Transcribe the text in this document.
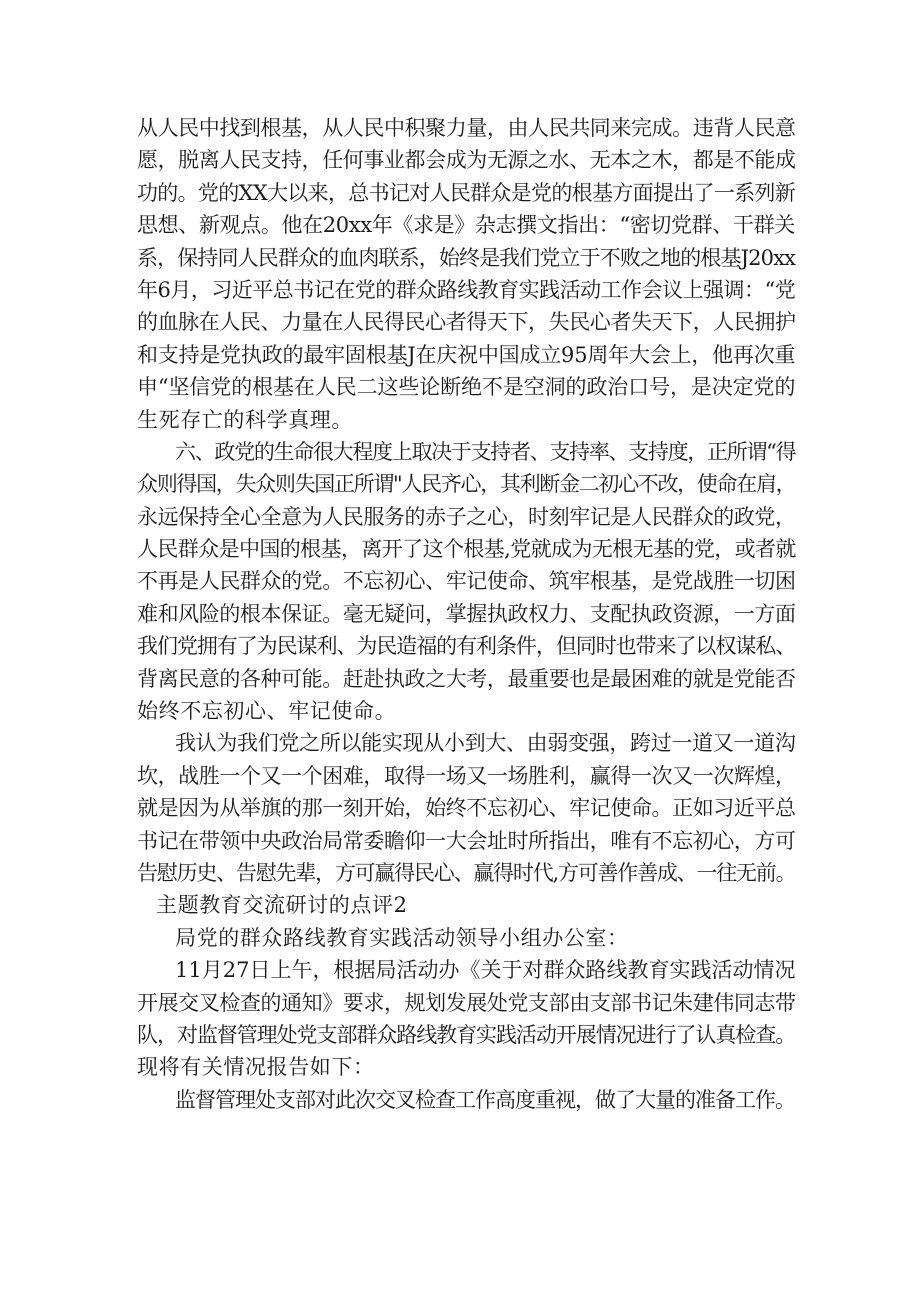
从人民中找到根基，从人民中积聚力量，由人民共同来完成。违背人民意
愿，脱离人民支持，任何事业都会成为无源之水、无本之木，都是不能成
功的。党的XX大以来，总书记对人民群众是党的根基方面提出了一系列新
思想、新观点。他在20xx年《求是》杂志撰文指出：“密切党群、干群关
系，保持同人民群众的血肉联系，始终是我们党立于不败之地的根基J20xx
年6月，习近平总书记在党的群众路线教育实践活动工作会议上强调：“党
的血脉在人民、力量在人民得民心者得天下，失民心者失天下，人民拥护
和支持是党执政的最牢固根基J在庆祝中国成立95周年大会上，他再次重
申“坚信党的根基在人民二这些论断绝不是空洞的政治口号，是决定党的
生死存亡的科学真理。
六、政党的生命很大程度上取决于支持者、支持率、支持度，正所谓“得
众则得国，失众则失国正所谓"人民齐心，其利断金二初心不改，使命在肩，
永远保持全心全意为人民服务的赤子之心，时刻牢记是人民群众的政党，
人民群众是中国的根基，离开了这个根基,党就成为无根无基的党，或者就
不再是人民群众的党。不忘初心、牢记使命、筑牢根基，是党战胜一切困
难和风险的根本保证。毫无疑问，掌握执政权力、支配执政资源，一方面
我们党拥有了为民谋利、为民造福的有利条件，但同时也带来了以权谋私、
背离民意的各种可能。赶赴执政之大考，最重要也是最困难的就是党能否
始终不忘初心、牢记使命。
我认为我们党之所以能实现从小到大、由弱变强，跨过一道又一道沟
坎，战胜一个又一个困难，取得一场又一场胜利，赢得一次又一次辉煌，
就是因为从举旗的那一刻开始，始终不忘初心、牢记使命。正如习近平总
书记在带领中央政治局常委瞻仰一大会址时所指出，唯有不忘初心，方可
告慰历史、告慰先辈，方可赢得民心、赢得时代,方可善作善成、一往无前。
主题教育交流研讨的点评2
局党的群众路线教育实践活动领导小组办公室：
11月27日上午，根据局活动办《关于对群众路线教育实践活动情况
开展交叉检查的通知》要求，规划发展处党支部由支部书记朱建伟同志带
队，对监督管理处党支部群众路线教育实践活动开展情况进行了认真检查。
现将有关情况报告如下：
监督管理处支部对此次交叉检查工作高度重视，做了大量的准备工作。
